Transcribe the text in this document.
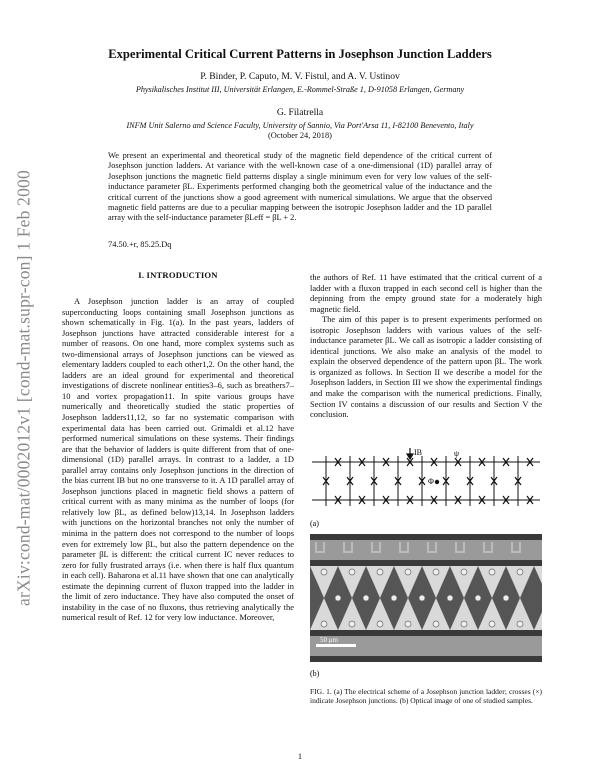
arXiv:cond-mat/0002012v1 [cond-mat.supr-con] 1 Feb 2000
Experimental Critical Current Patterns in Josephson Junction Ladders
P. Binder, P. Caputo, M. V. Fistul, and A. V. Ustinov
Physikalisches Institut III, Universität Erlangen, E.-Rommel-Straße 1, D-91058 Erlangen, Germany
G. Filatrella
INFM Unit Salerno and Science Faculty, University of Sannio, Via Port'Arsa 11, I-82100 Benevento, Italy
(October 24, 2018)
We present an experimental and theoretical study of the magnetic field dependence of the critical current of Josephson junction ladders. At variance with the well-known case of a one-dimensional (1D) parallel array of Josephson junctions the magnetic field patterns display a single minimum even for very low values of the self-inductance parameter βL. Experiments performed changing both the geometrical value of the inductance and the critical current of the junctions show a good agreement with numerical simulations. We argue that the observed magnetic field patterns are due to a peculiar mapping between the isotropic Josephson ladder and the 1D parallel array with the self-inductance parameter βLeff = βL + 2.
74.50.+r, 85.25.Dq
I. INTRODUCTION

A Josephson junction ladder is an array of coupled superconducting loops containing small Josephson junctions as shown schematically in Fig. 1(a). In the past years, ladders of Josephson junctions have attracted considerable interest for a number of reasons. On one hand, more complex systems such as two-dimensional arrays of Josephson junctions can be viewed as elementary ladders coupled to each other1,2. On the other hand, the ladders are an ideal ground for experimental and theoretical investigations of discrete nonlinear entities3–6, such as breathers7–10 and vortex propagation11. In spite various groups have numerically and theoretically studied the static properties of Josephson ladders11,12, so far no systematic comparison with experimental data has been carried out. Grimaldi et al.12 have performed numerical simulations on these systems. Their findings are that the behavior of ladders is quite different from that of one-dimensional (1D) parallel arrays. In contrast to a ladder, a 1D parallel array contains only Josephson junctions in the direction of the bias current IB but no one transverse to it. A 1D parallel array of Josephson junctions placed in magnetic field shows a pattern of critical current with as many minima as the number of loops (for relatively low βL, as defined below)13,14. In Josephson ladders with junctions on the horizontal branches not only the number of minima in the pattern does not correspond to the number of loops even for extremely low βL, but also the pattern dependence on the parameter βL is different: the critical current IC never reduces to zero for fully frustrated arrays (i.e. when there is half flux quantum in each cell). Baharona et al.11 have shown that one can analytically estimate the depinning current of fluxon trapped into the ladder in the limit of zero inductance. They have also computed the onset of instability in the case of no fluxons, thus retrieving analytically the numerical result of Ref. 12 for very low inductance. Moreover,

the authors of Ref. 11 have estimated that the critical current of a ladder with a fluxon trapped in each second cell is higher than the depinning from the empty ground state for a moderately high magnetic field.

The aim of this paper is to present experiments performed on isotropic Josephson ladders with various values of the self-inductance parameter βL. We call as isotropic a ladder consisting of identical junctions. We also make an analysis of the model to explain the observed dependence of the pattern upon βL. The work is organized as follows. In Section II we describe a model for the Josephson ladders, in Section III we show the experimental findings and make the comparison with the numerical predictions. Finally, Section IV contains a discussion of our results and Section V the conclusion.

IB	ψ
Φ
(a)
50 μm
(b)
FIG. 1. (a) The electrical scheme of a Josephson junction ladder; crosses (×) indicate Josephson junctions. (b) Optical image of one of studied samples.
1
